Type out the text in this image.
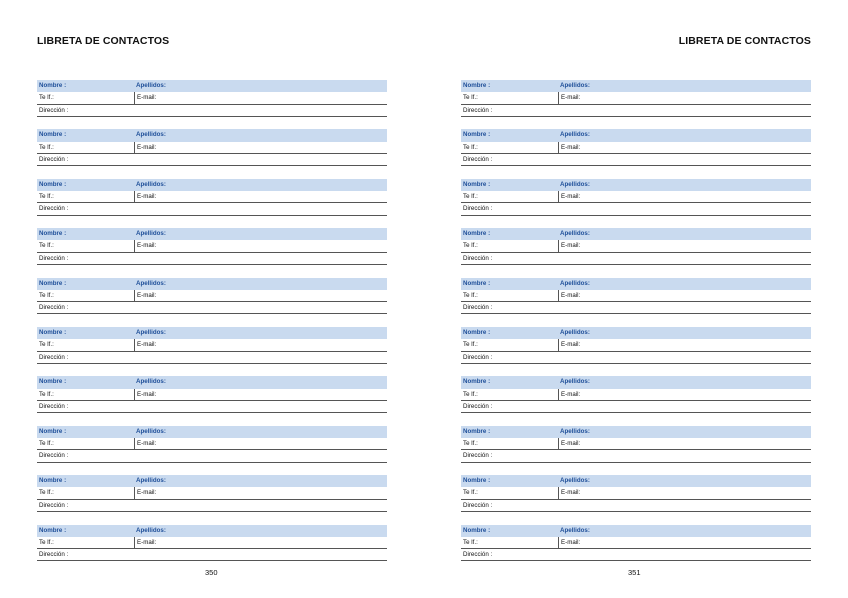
LIBRETA DE CONTACTOS
Nombre :	Apellidos:
Te lf.:	E-mail:
Dirección :
Nombre :	Apellidos:
Te lf.:	E-mail:
Dirección :
Nombre :	Apellidos:
Te lf.:	E-mail:
Dirección :
Nombre :	Apellidos:
Te lf.:	E-mail:
Dirección :
Nombre :	Apellidos:
Te lf.:	E-mail:
Dirección :
Nombre :	Apellidos:
Te lf.:	E-mail:
Dirección :
Nombre :	Apellidos:
Te lf.:	E-mail:
Dirección :
Nombre :	Apellidos:
Te lf.:	E-mail:
Dirección :
Nombre :	Apellidos:
Te lf.:	E-mail:
Dirección :
Nombre :	Apellidos:
Te lf.:	E-mail:
Dirección :
350
LIBRETA DE CONTACTOS
Nombre :	Apellidos:
Te lf.:	E-mail:
Dirección :
Nombre :	Apellidos:
Te lf.:	E-mail:
Dirección :
Nombre :	Apellidos:
Te lf.:	E-mail:
Dirección :
Nombre :	Apellidos:
Te lf.:	E-mail:
Dirección :
Nombre :	Apellidos:
Te lf.:	E-mail:
Dirección :
Nombre :	Apellidos:
Te lf.:	E-mail:
Dirección :
Nombre :	Apellidos:
Te lf.:	E-mail:
Dirección :
Nombre :	Apellidos:
Te lf.:	E-mail:
Dirección :
Nombre :	Apellidos:
Te lf.:	E-mail:
Dirección :
Nombre :	Apellidos:
Te lf.:	E-mail:
Dirección :
351
